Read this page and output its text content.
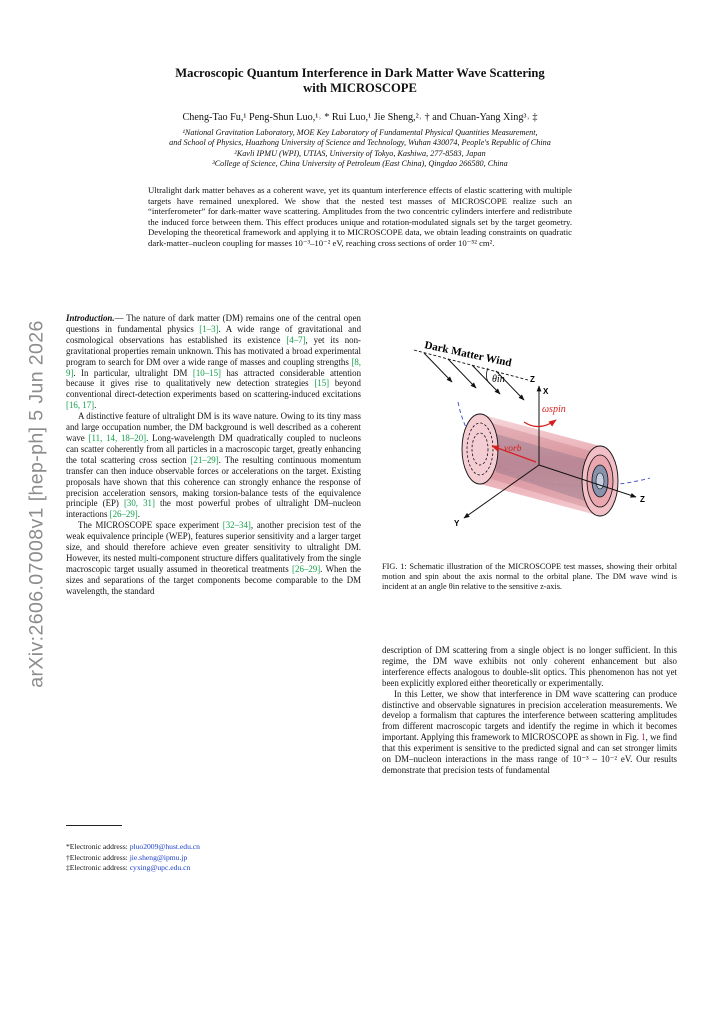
arXiv:2606.07008v1 [hep-ph] 5 Jun 2026
Macroscopic Quantum Interference in Dark Matter Wave Scattering
with MICROSCOPE
Cheng-Tao Fu,¹ Peng-Shun Luo,¹˒ * Rui Luo,¹ Jie Sheng,²˒ † and Chuan-Yang Xing³˒ ‡
¹National Gravitation Laboratory, MOE Key Laboratory of Fundamental Physical Quantities Measurement,
and School of Physics, Huazhong University of Science and Technology, Wuhan 430074, People's Republic of China
²Kavli IPMU (WPI), UTIAS, University of Tokyo, Kashiwa, 277-8583, Japan
³College of Science, China University of Petroleum (East China), Qingdao 266580, China
Ultralight dark matter behaves as a coherent wave, yet its quantum interference effects of elastic scattering with multiple targets have remained unexplored. We show that the nested test masses of MICROSCOPE realize such an “interferometer” for dark-matter wave scattering. Amplitudes from the two concentric cylinders interfere and redistribute the induced force between them. This effect produces unique and rotation-modulated signals set by the target geometry. Developing the theoretical framework and applying it to MICROSCOPE data, we obtain leading constraints on quadratic dark-matter–nucleon coupling for masses 10⁻³–10⁻² eV, reaching cross sections of order 10⁻⁵² cm².

Introduction.— The nature of dark matter (DM) remains one of the central open questions in fundamental physics [1–3]. A wide range of gravitational and cosmological observations has established its existence [4–7], yet its non-gravitational properties remain unknown. This has motivated a broad experimental program to search for DM over a wide range of masses and coupling strengths [8, 9]. In particular, ultralight DM [10–15] has attracted considerable attention because it gives rise to qualitatively new detection strategies [15] beyond conventional direct-detection experiments based on scattering-induced excitations [16, 17].

A distinctive feature of ultralight DM is its wave nature. Owing to its tiny mass and large occupation number, the DM background is well described as a coherent wave [11, 14, 18–20]. Long-wavelength DM quadratically coupled to nucleons can scatter coherently from all particles in a macroscopic target, greatly enhancing the total scattering cross section [21–29]. The resulting continuous momentum transfer can then induce observable forces or accelerations on the target. Existing proposals have shown that this coherence can strongly enhance the response of precision acceleration sensors, making torsion-balance tests of the equivalence principle (EP) [30, 31] the most powerful probes of ultralight DM–nucleon interactions [26–29].

The MICROSCOPE space experiment [32–34], another precision test of the weak equivalence principle (WEP), features superior sensitivity and a larger target size, and should therefore achieve even greater sensitivity to ultralight DM. However, its nested multi-component structure differs qualitatively from the single macroscopic target usually assumed in theoretical treatments [26–29]. When the sizes and separations of the target components become comparable to the DM wavelength, the standard

*Electronic address: pluo2009@hust.edu.cn
†Electronic address: jie.sheng@ipmu.jp
‡Electronic address: cyxing@upc.edu.cn
Dark Matter Wind
θin	Z
X
Z
Y
ωspin
vorb
FIG. 1: Schematic illustration of the MICROSCOPE test masses, showing their orbital motion and spin about the axis normal to the orbital plane. The DM wave wind is incident at an angle θin relative to the sensitive z-axis.

description of DM scattering from a single object is no longer sufficient. In this regime, the DM wave exhibits not only coherent enhancement but also interference effects analogous to double-slit optics. This phenomenon has not yet been explicitly explored either theoretically or experimentally.

In this Letter, we show that interference in DM wave scattering can produce distinctive and observable signatures in precision acceleration measurements. We develop a formalism that captures the interference between scattering amplitudes from different macroscopic targets and identify the regime in which it becomes important. Applying this framework to MICROSCOPE as shown in Fig. 1, we find that this experiment is sensitive to the predicted signal and can set stronger limits on DM–nucleon interactions in the mass range of 10⁻³ – 10⁻² eV. Our results demonstrate that precision tests of fundamental
